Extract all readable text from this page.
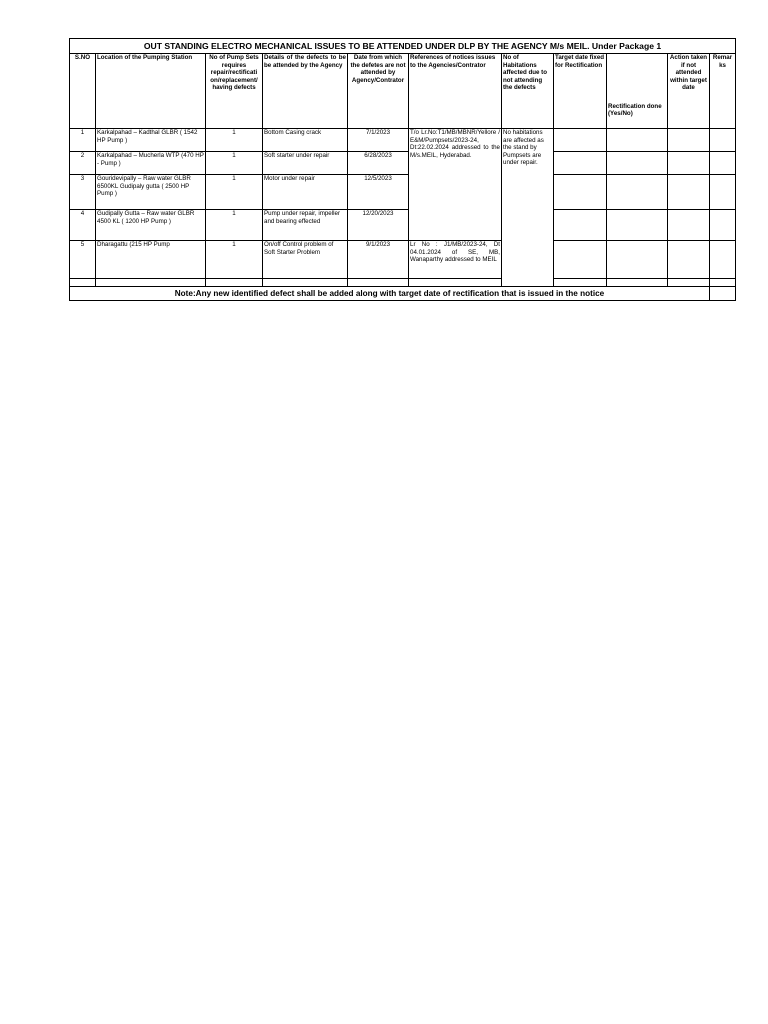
OUT STANDING ELECTRO MECHANICAL ISSUES TO BE ATTENDED UNDER DLP BY THE AGENCY M/s MEIL. Under Package 1										
S.NO	Location of the Pumping Station	No of Pump Sets requires repair/rectificati on/replacement/ having defects	Details of the defects to be be attended by the Agency	Date from which the defetes are not attended by Agency/Contrator	References of notices issues to the Agencies/Contrator	No of Habitations affected due to not attending the defects	Target date fixed for Rectification	Rectification done (Yes/No)	Action taken if not attended within target date	Remar ks
1	Karkalpahad – Kadthal GLBR ( 1542 HP Pump )	1	Bottom Casing crack	7/1/2023	T/o Lr.No:T1/MB/MBNR/Yellore / E&M/Pumpsets/2023-24, Dt:22.02.2024 addressed to the M/s.MEIL, Hyderabad.	No habitations are affected as the stand by Pumpsets are under repair.				
2	Karkalpahad – Mucherla WTP (470 HP - Pump )	1	Soft starter under repair	6/28/2023						
3	Gouridevipally – Raw water GLBR 6500KL Gudipaly gutta ( 2500 HP Pump )	1	Motor under repair	12/5/2023						
4	Gudipally Gutta – Raw water GLBR 4500 KL ( 1200 HP Pump )	1	Pump under repair, impeller and bearing effected	12/20/2023						
5	Dharagattu (215 HP Pump	1	On/off Control problem of Soft Starter Problem	9/1/2023	Lr No : J1/MB/2023-24, Dt 04.01.2024 of SE, MB, Wanaparthy addressed to MEIL					

Note:Any new identified defect shall be added along with target date of rectification that is issued in the notice										
